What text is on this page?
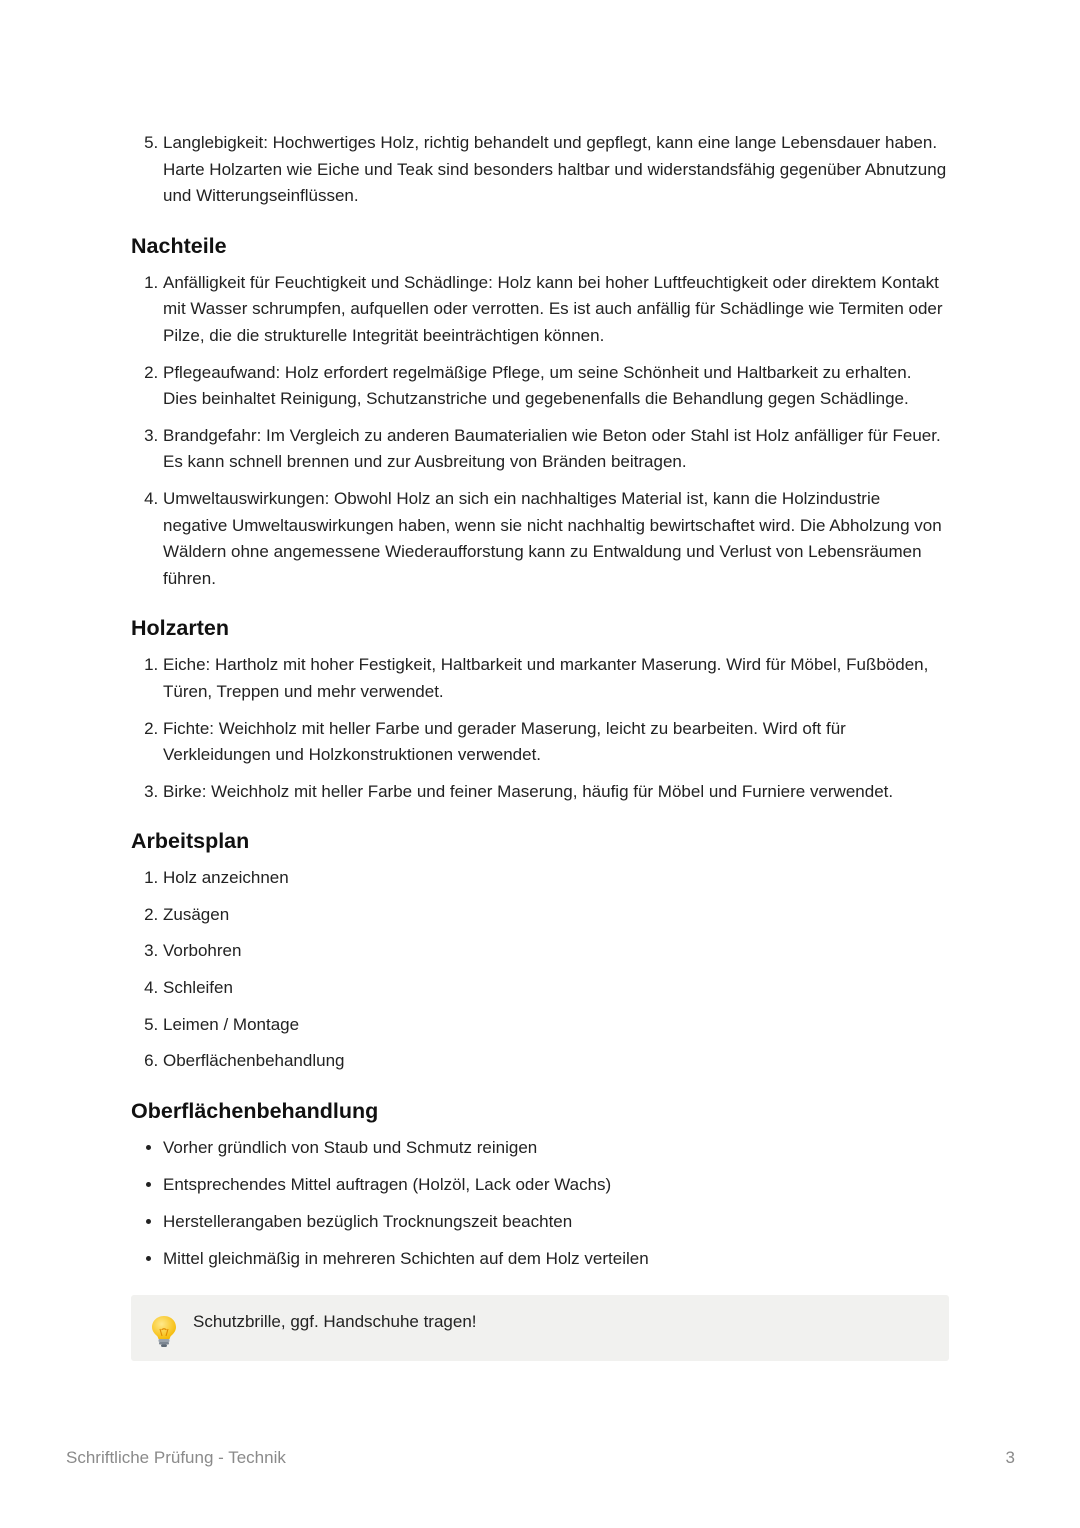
5. Langlebigkeit: Hochwertiges Holz, richtig behandelt und gepflegt, kann eine lange Lebensdauer haben. Harte Holzarten wie Eiche und Teak sind besonders haltbar und widerstandsfähig gegenüber Abnutzung und Witterungseinflüssen.
Nachteile
1. Anfälligkeit für Feuchtigkeit und Schädlinge: Holz kann bei hoher Luftfeuchtigkeit oder direktem Kontakt mit Wasser schrumpfen, aufquellen oder verrotten. Es ist auch anfällig für Schädlinge wie Termiten oder Pilze, die die strukturelle Integrität beeinträchtigen können.
2. Pflegeaufwand: Holz erfordert regelmäßige Pflege, um seine Schönheit und Haltbarkeit zu erhalten. Dies beinhaltet Reinigung, Schutzanstriche und gegebenenfalls die Behandlung gegen Schädlinge.
3. Brandgefahr: Im Vergleich zu anderen Baumaterialien wie Beton oder Stahl ist Holz anfälliger für Feuer. Es kann schnell brennen und zur Ausbreitung von Bränden beitragen.
4. Umweltauswirkungen: Obwohl Holz an sich ein nachhaltiges Material ist, kann die Holzindustrie negative Umweltauswirkungen haben, wenn sie nicht nachhaltig bewirtschaftet wird. Die Abholzung von Wäldern ohne angemessene Wiederaufforstung kann zu Entwaldung und Verlust von Lebensräumen führen.
Holzarten
1. Eiche: Hartholz mit hoher Festigkeit, Haltbarkeit und markanter Maserung. Wird für Möbel, Fußböden, Türen, Treppen und mehr verwendet.
2. Fichte: Weichholz mit heller Farbe und gerader Maserung, leicht zu bearbeiten. Wird oft für Verkleidungen und Holzkonstruktionen verwendet.
3. Birke: Weichholz mit heller Farbe und feiner Maserung, häufig für Möbel und Furniere verwendet.
Arbeitsplan
1. Holz anzeichnen
2. Zusägen
3. Vorbohren
4. Schleifen
5. Leimen / Montage
6. Oberflächenbehandlung
Oberflächenbehandlung
• Vorher gründlich von Staub und Schmutz reinigen
• Entsprechendes Mittel auftragen (Holzöl, Lack oder Wachs)
• Herstellerangaben bezüglich Trocknungszeit beachten
• Mittel gleichmäßig in mehreren Schichten auf dem Holz verteilen
Schutzbrille, ggf. Handschuhe tragen!
Schriftliche Prüfung - Technik	3
